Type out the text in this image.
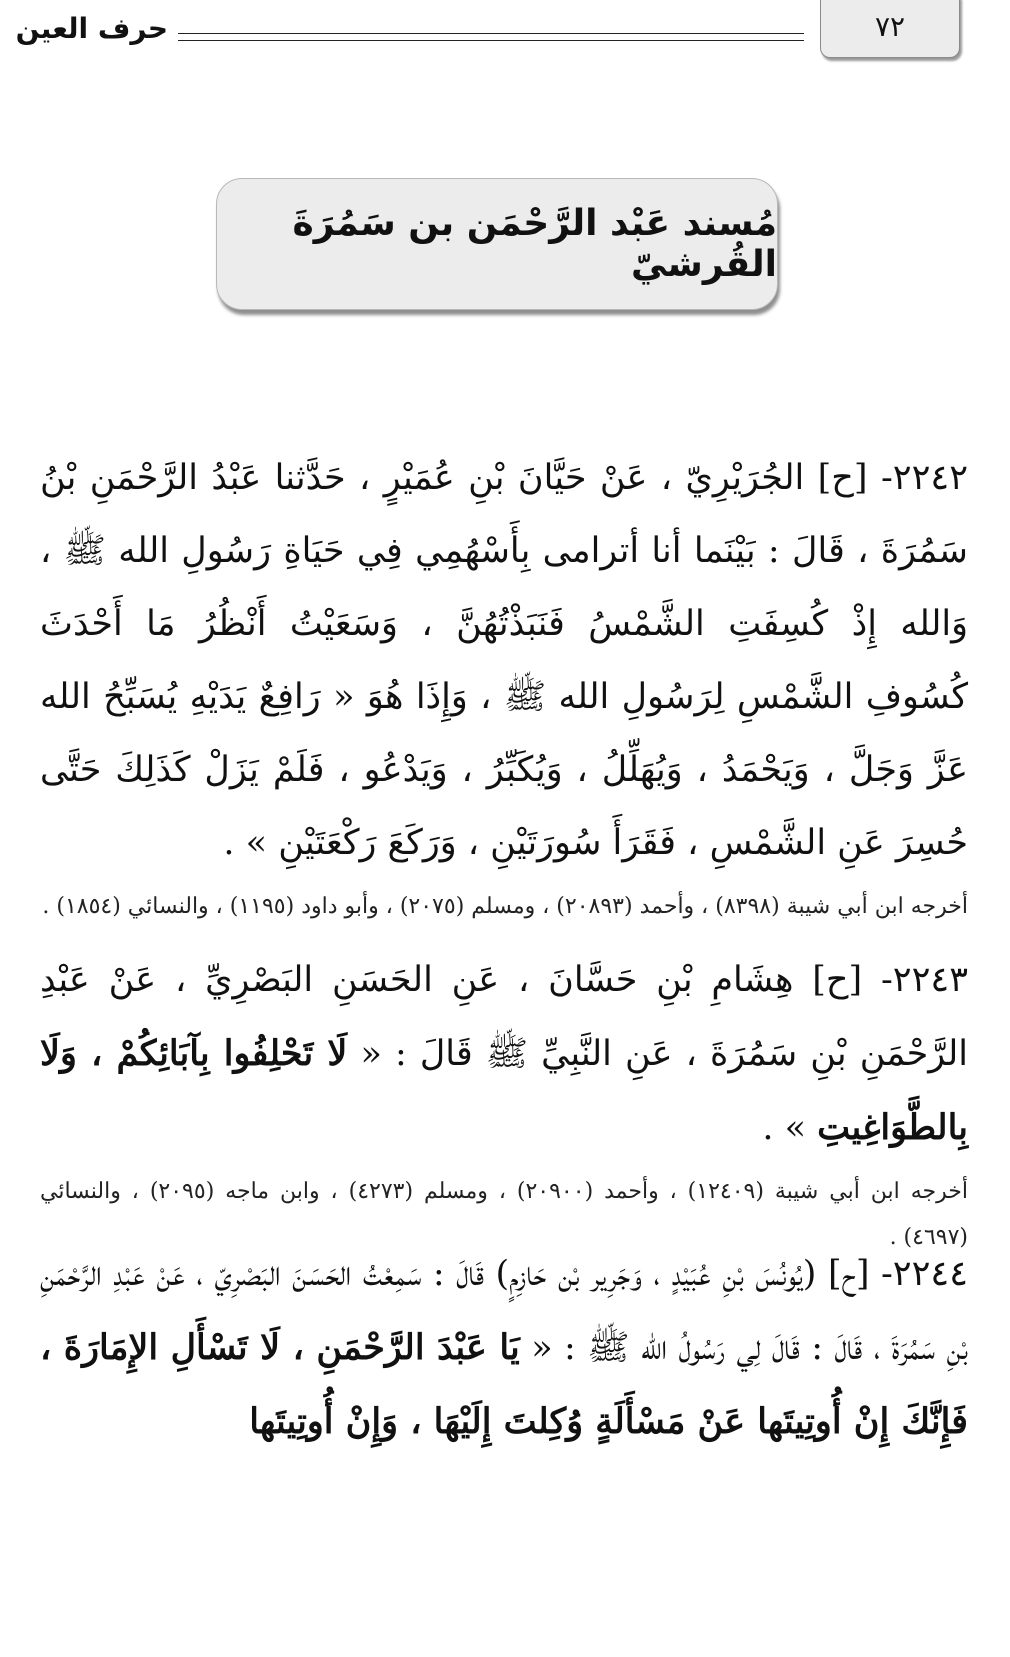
٧٢
حرف العين
مُسند عَبْد الرَّحْمَن بن سَمُرَةَ القُرشيّ

٢٢٤٢- [ح] الجُرَيْرِيّ ، عَنْ حَيَّانَ بْنِ عُمَيْرٍ ، حَدَّثنا عَبْدُ الرَّحْمَنِ بْنُ سَمُرَةَ ، قَالَ : بَيْنَما أنا أترامى بِأَسْهُمِي فِي حَيَاةِ رَسُولِ الله ﷺ ، وَالله إِذْ كُسِفَتِ الشَّمْسُ فَنَبَذْتُهُنَّ ، وَسَعَيْتُ أَنْظُرُ مَا أَحْدَثَ كُسُوفِ الشَّمْسِ لِرَسُولِ الله ﷺ ، وَإِذَا هُوَ « رَافِعٌ يَدَيْهِ يُسَبِّحُ الله عَزَّ وَجَلَّ ، وَيَحْمَدُ ، وَيُهَلِّلُ ، وَيُكَبِّرُ ، وَيَدْعُو ، فَلَمْ يَزَلْ كَذَلِكَ حَتَّى حُسِرَ عَنِ الشَّمْسِ ، فَقَرَأَ سُورَتَيْنِ ، وَرَكَعَ رَكْعَتَيْنِ » .

أخرجه ابن أبي شيبة (٨٣٩٨) ، وأحمد (٢٠٨٩٣) ، ومسلم (٢٠٧٥) ، وأبو داود (١١٩٥) ، والنسائي (١٨٥٤) .

٢٢٤٣- [ح] هِشَامِ بْنِ حَسَّانَ ، عَنِ الحَسَنِ البَصْرِيِّ ، عَنْ عَبْدِ الرَّحْمَنِ بْنِ سَمُرَةَ ، عَنِ النَّبِيِّ ﷺ قَالَ : « لَا تَحْلِفُوا بِآبَائِكُمْ ، وَلَا بِالطَّوَاغِيتِ » .

أخرجه ابن أبي شيبة (١٢٤٠٩) ، وأحمد (٢٠٩٠٠) ، ومسلم (٤٢٧٣) ، وابن ماجه (٢٠٩٥) ، والنسائي (٤٦٩٧) .

٢٢٤٤- [ح] (يُونُسَ بْنِ عُبَيْدٍ ، وَجَرِير بْن حَازِمٍ) قَالَ : سَمِعْتُ الحَسَنَ البَصْرِيّ ، عَنْ عَبْدِ الرَّحْمَنِ بْنِ سَمُرَةَ ، قَالَ : قَالَ لِي رَسُولُ الله ﷺ : « يَا عَبْدَ الرَّحْمَنِ ، لَا تَسْأَلِ الإِمَارَةَ ، فَإِنَّكَ إِنْ أُوتِيتَها عَنْ مَسْأَلَةٍ وُكِلتَ إِلَيْهَا ، وَإِنْ أُوتِيتَها
